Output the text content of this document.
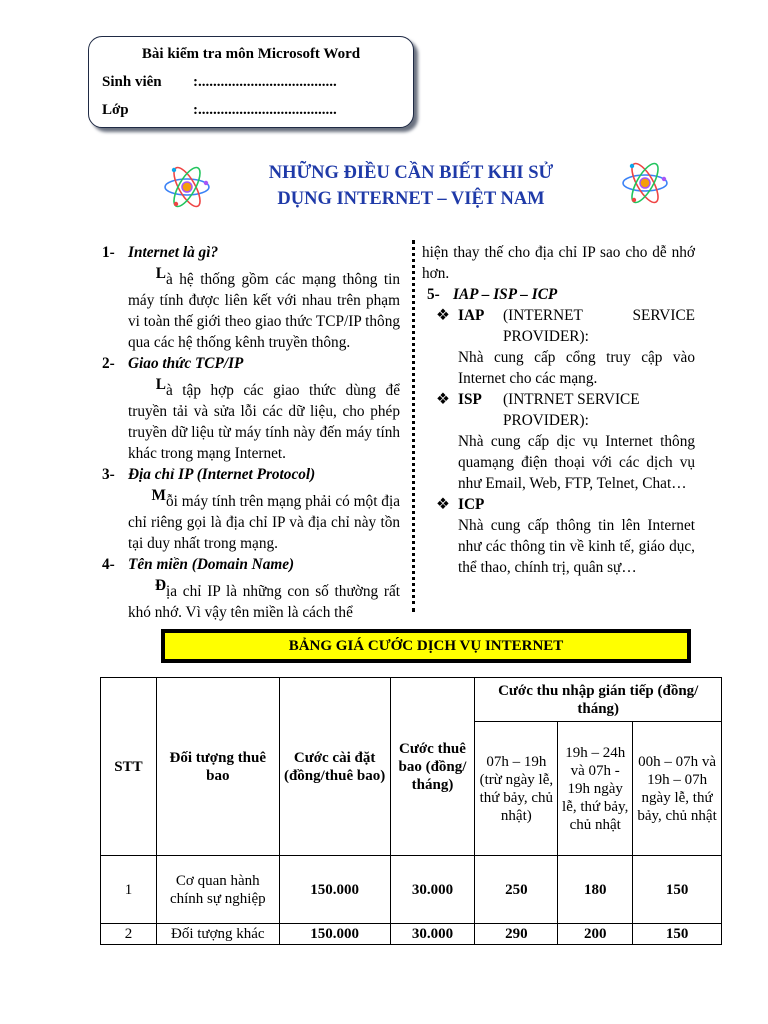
Bài kiểm tra môn Microsoft Word
Sinh viên :.....................................
Lớp	:.....................................
NHỮNG ĐIỀU CẦN BIẾT KHI SỬ DỤNG INTERNET – VIỆT NAM
1- Internet là gì?
L à hệ thống gồm các mạng thông tin máy tính được liên kết với nhau trên phạm vi toàn thế giới theo giao thức TCP/IP thông qua các hệ thống kênh truyền thông.
2- Giao thức TCP/IP
L à tập hợp các giao thức dùng để truyền tải và sửa lỗi các dữ liệu, cho phép truyền dữ liệu từ máy tính này đến máy tính khác trong mạng Internet.
3- Địa chỉ IP (Internet Protocol)
M ỗi máy tính trên mạng phải có một địa chỉ riêng gọi là địa chỉ IP và địa chỉ này tồn tại duy nhất trong mạng.
4- Tên miền (Domain Name)
Đ ịa chỉ IP là những con số thường rất khó nhớ. Vì vậy tên miền là cách thể
hiện thay thế cho địa chỉ IP sao cho dễ nhớ hơn.
5- IAP – ISP – ICP
❖ IAP	(INTERNET SERVICE PROVIDER):
Nhà cung cấp cổng truy cập vào Internet cho các mạng.
❖ ISP	(INTRNET SERVICE PROVIDER):
Nhà cung cấp dịc vụ Internet thông quamạng điện thoại với các dịch vụ như Email, Web, FTP, Telnet, Chat…
❖ ICP
Nhà cung cấp thông tin lên Internet như các thông tin về kinh tế, giáo dục, thể thao, chính trị, quân sự…
BẢNG GIÁ CƯỚC DỊCH VỤ INTERNET
STT	Đối tượng thuê bao	Cước cài đặt (đồng/thuê bao)	Cước thuê bao (đồng/ tháng)	Cước thu nhập gián tiếp (đồng/ tháng)		
				07h – 19h (trừ ngày lễ, thứ bảy, chủ nhật)	19h – 24h và 07h - 19h ngày lễ, thứ bảy, chủ nhật	00h – 07h và 19h – 07h ngày lễ, thứ bảy, chủ nhật
1	Cơ quan hành chính sự nghiệp	150.000	30.000	250	180	150
2	Đối tượng khác	150.000	30.000	290	200	150
